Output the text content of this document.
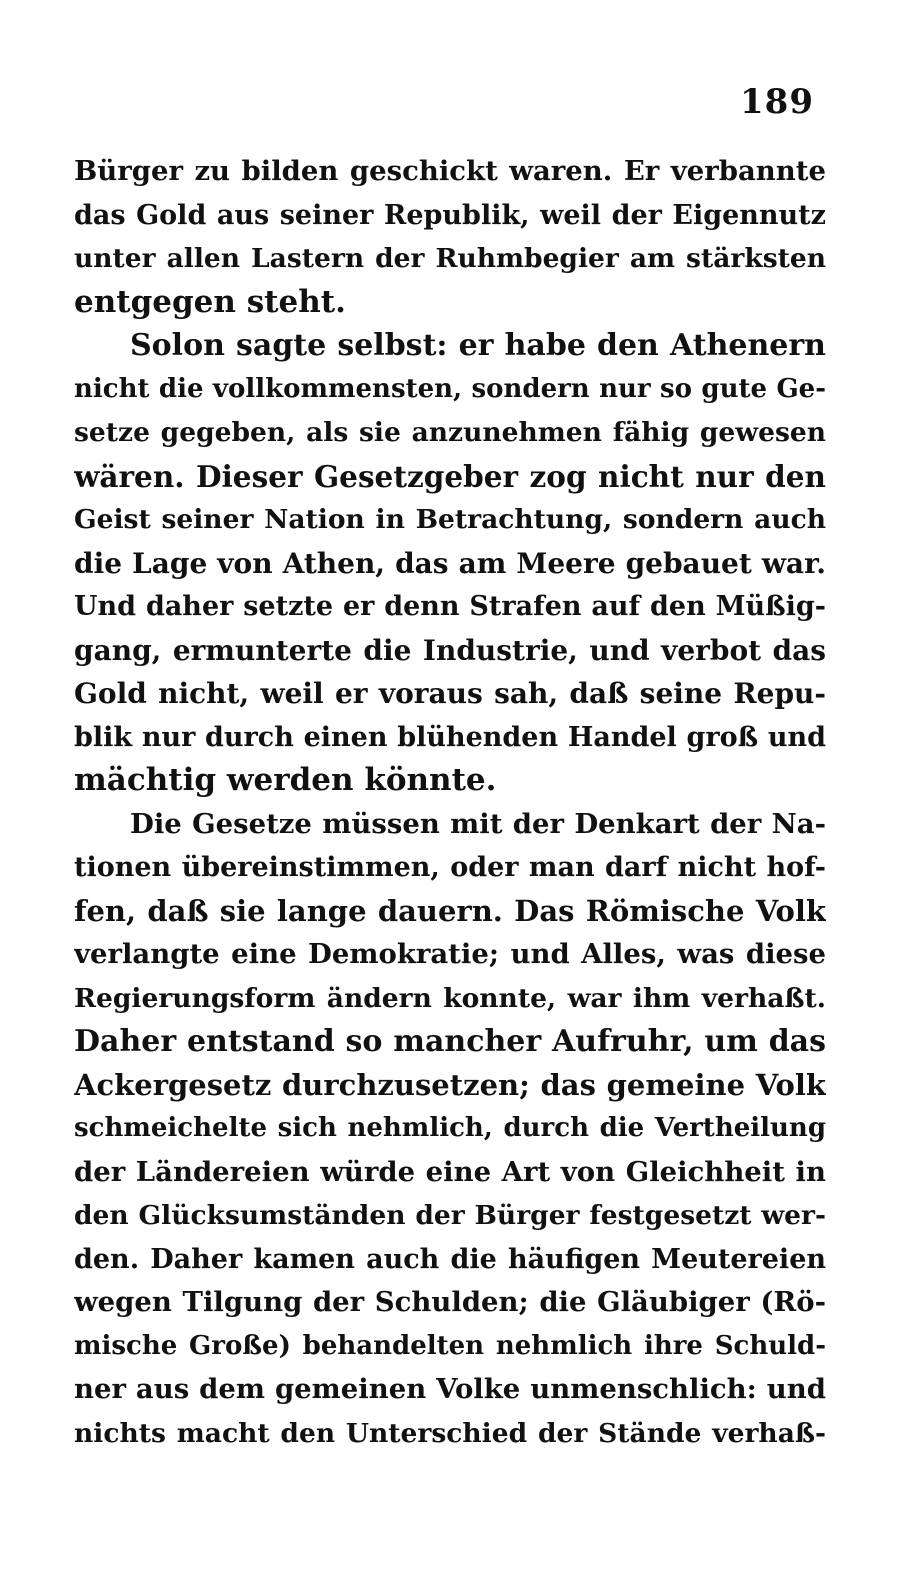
189
Bürger zu bilden geschickt waren. Er verbannte
das Gold aus seiner Republik, weil der Eigennutz
unter allen Lastern der Ruhmbegier am stärksten
entgegen steht.
Solon sagte selbst: er habe den Athenern
nicht die vollkommensten, sondern nur so gute Ge-
setze gegeben, als sie anzunehmen fähig gewesen
wären. Dieser Gesetzgeber zog nicht nur den
Geist seiner Nation in Betrachtung, sondern auch
die Lage von Athen, das am Meere gebauet war.
Und daher setzte er denn Strafen auf den Müßig-
gang, ermunterte die Industrie, und verbot das
Gold nicht, weil er voraus sah, daß seine Repu-
blik nur durch einen blühenden Handel groß und
mächtig werden könnte.
Die Gesetze müssen mit der Denkart der Na-
tionen übereinstimmen, oder man darf nicht hof-
fen, daß sie lange dauern. Das Römische Volk
verlangte eine Demokratie; und Alles, was diese
Regierungsform ändern konnte, war ihm verhaßt.
Daher entstand so mancher Aufruhr, um das
Ackergesetz durchzusetzen; das gemeine Volk
schmeichelte sich nehmlich, durch die Vertheilung
der Ländereien würde eine Art von Gleichheit in
den Glücksumständen der Bürger festgesetzt wer-
den. Daher kamen auch die häufigen Meutereien
wegen Tilgung der Schulden; die Gläubiger (Rö-
mische Große) behandelten nehmlich ihre Schuld-
ner aus dem gemeinen Volke unmenschlich: und
nichts macht den Unterschied der Stände verhaß-
